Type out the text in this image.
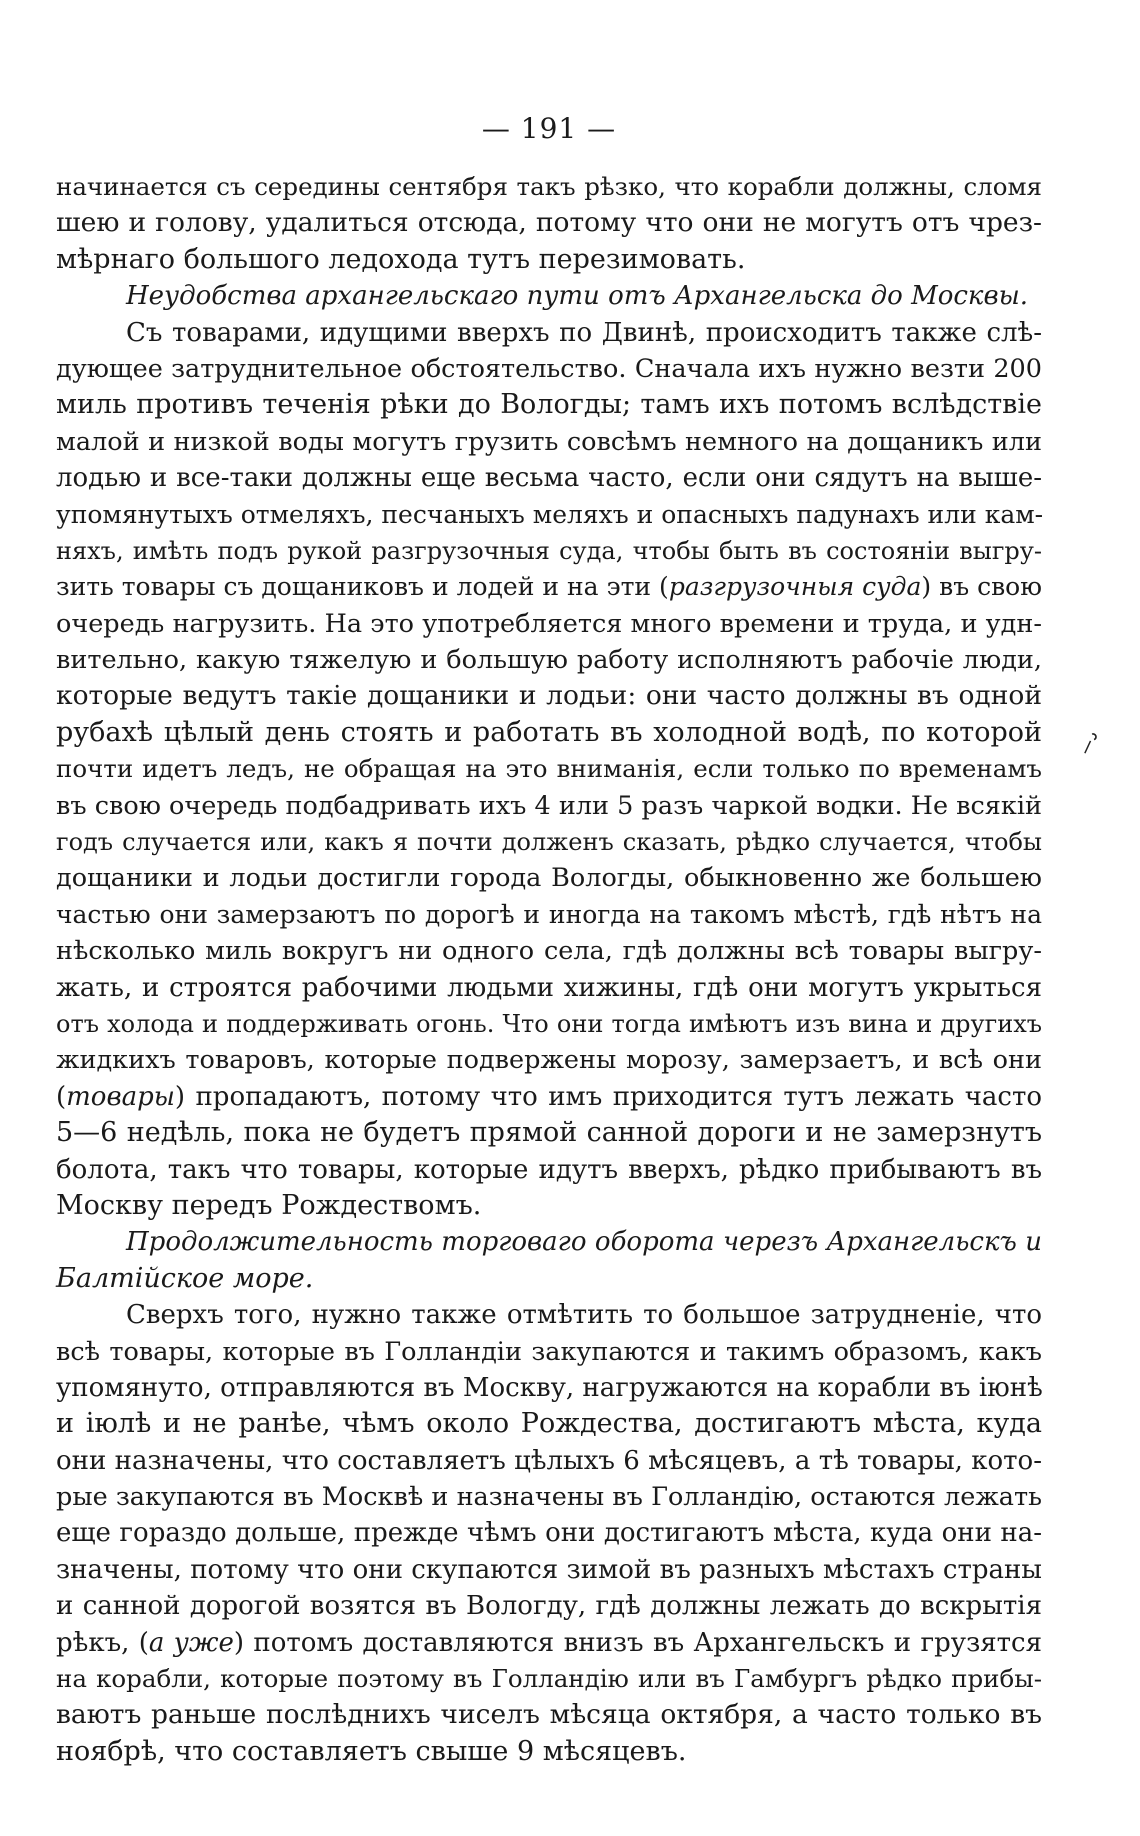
— 191 —
начинается съ середины сентября такъ рѣзко, что корабли должны, сломя
шею и голову, удалиться отсюда, потому что они не могутъ отъ чрез-
мѣрнаго большого ледохода тутъ перезимовать.
Неудобства архангельскаго пути отъ Архангельска до Москвы.
Съ товарами, идущими вверхъ по Двинѣ, происходитъ также слѣ-
дующее затруднительное обстоятельство. Сначала ихъ нужно везти 200
миль противъ теченія рѣки до Вологды; тамъ ихъ потомъ вслѣдствіе
малой и низкой воды могутъ грузить совсѣмъ немного на дощаникъ или
лодью и все-таки должны еще весьма часто, если они сядутъ на выше-
упомянутыхъ отмеляхъ, песчаныхъ меляхъ и опасныхъ падунахъ или кам-
няхъ, имѣть подъ рукой разгрузочныя суда, чтобы быть въ состояніи выгру-
зить товары съ дощаниковъ и лодей и на эти (разгрузочныя суда) въ свою
очередь нагрузить. На это употребляется много времени и труда, и удн-
вительно, какую тяжелую и большую работу исполняютъ рабочіе люди,
которые ведутъ такіе дощаники и лодьи: они часто должны въ одной
рубахѣ цѣлый день стоять и работать въ холодной водѣ, по которой
почти идетъ ледъ, не обращая на это вниманія, если только по временамъ
въ свою очередь подбадривать ихъ 4 или 5 разъ чаркой водки. Не всякій
годъ случается или, какъ я почти долженъ сказать, рѣдко случается, чтобы
дощаники и лодьи достигли города Вологды, обыкновенно же большею
частью они замерзаютъ по дорогѣ и иногда на такомъ мѣстѣ, гдѣ нѣтъ на
нѣсколько миль вокругъ ни одного села, гдѣ должны всѣ товары выгру-
жать, и строятся рабочими людьми хижины, гдѣ они могутъ укрыться
отъ холода и поддерживать огонь. Что они тогда имѣютъ изъ вина и другихъ
жидкихъ товаровъ, которые подвержены морозу, замерзаетъ, и всѣ они
(товары) пропадаютъ, потому что имъ приходится тутъ лежать часто
5—6 недѣль, пока не будетъ прямой санной дороги и не замерзнутъ
болота, такъ что товары, которые идутъ вверхъ, рѣдко прибываютъ въ
Москву передъ Рождествомъ.
Продолжительность торговаго оборота черезъ Архангельскъ и
Балтійское море.
Сверхъ того, нужно также отмѣтить то большое затрудненіе, что
всѣ товары, которые въ Голландіи закупаются и такимъ образомъ, какъ
упомянуто, отправляются въ Москву, нагружаются на корабли въ іюнѣ
и іюлѣ и не ранѣе, чѣмъ около Рождества, достигаютъ мѣста, куда
они назначены, что составляетъ цѣлыхъ 6 мѣсяцевъ, а тѣ товары, кото-
рые закупаются въ Москвѣ и назначены въ Голландію, остаются лежать
еще гораздо дольше, прежде чѣмъ они достигаютъ мѣста, куда они на-
значены, потому что они скупаются зимой въ разныхъ мѣстахъ страны
и санной дорогой возятся въ Вологду, гдѣ должны лежать до вскрытія
рѣкъ, (а уже) потомъ доставляются внизъ въ Архангельскъ и грузятся
на корабли, которые поэтому въ Голландію или въ Гамбургъ рѣдко прибы-
ваютъ раньше послѣднихъ чиселъ мѣсяца октября, а часто только въ
ноябрѣ, что составляетъ свыше 9 мѣсяцевъ.
⸝˒
